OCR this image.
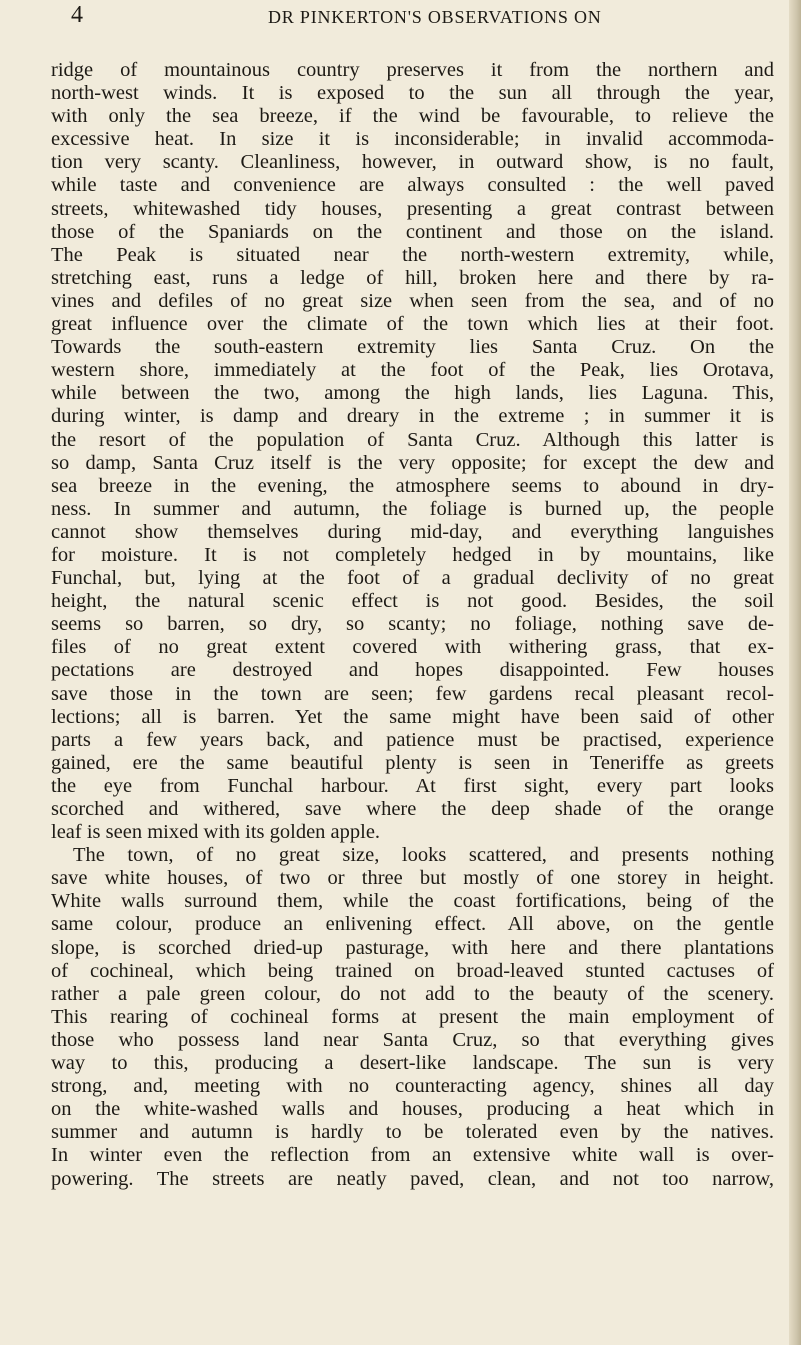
4	DR PINKERTON'S OBSERVATIONS ON
ridge of mountainous country preserves it from the northern and
north-west winds. It is exposed to the sun all through the year,
with only the sea breeze, if the wind be favourable, to relieve the
excessive heat. In size it is inconsiderable; in invalid accommoda-
tion very scanty. Cleanliness, however, in outward show, is no fault,
while taste and convenience are always consulted : the well paved
streets, whitewashed tidy houses, presenting a great contrast between
those of the Spaniards on the continent and those on the island.
The Peak is situated near the north-western extremity, while,
stretching east, runs a ledge of hill, broken here and there by ra-
vines and defiles of no great size when seen from the sea, and of no
great influence over the climate of the town which lies at their foot.
Towards the south-eastern extremity lies Santa Cruz. On the
western shore, immediately at the foot of the Peak, lies Orotava,
while between the two, among the high lands, lies Laguna. This,
during winter, is damp and dreary in the extreme ; in summer it is
the resort of the population of Santa Cruz. Although this latter is
so damp, Santa Cruz itself is the very opposite; for except the dew and
sea breeze in the evening, the atmosphere seems to abound in dry-
ness. In summer and autumn, the foliage is burned up, the people
cannot show themselves during mid-day, and everything languishes
for moisture. It is not completely hedged in by mountains, like
Funchal, but, lying at the foot of a gradual declivity of no great
height, the natural scenic effect is not good. Besides, the soil
seems so barren, so dry, so scanty; no foliage, nothing save de-
files of no great extent covered with withering grass, that ex-
pectations are destroyed and hopes disappointed. Few houses
save those in the town are seen; few gardens recal pleasant recol-
lections; all is barren. Yet the same might have been said of other
parts a few years back, and patience must be practised, experience
gained, ere the same beautiful plenty is seen in Teneriffe as greets
the eye from Funchal harbour. At first sight, every part looks
scorched and withered, save where the deep shade of the orange
leaf is seen mixed with its golden apple.
The town, of no great size, looks scattered, and presents nothing
save white houses, of two or three but mostly of one storey in height.
White walls surround them, while the coast fortifications, being of the
same colour, produce an enlivening effect. All above, on the gentle
slope, is scorched dried-up pasturage, with here and there plantations
of cochineal, which being trained on broad-leaved stunted cactuses of
rather a pale green colour, do not add to the beauty of the scenery.
This rearing of cochineal forms at present the main employment of
those who possess land near Santa Cruz, so that everything gives
way to this, producing a desert-like landscape. The sun is very
strong, and, meeting with no counteracting agency, shines all day
on the white-washed walls and houses, producing a heat which in
summer and autumn is hardly to be tolerated even by the natives.
In winter even the reflection from an extensive white wall is over-
powering. The streets are neatly paved, clean, and not too narrow,
